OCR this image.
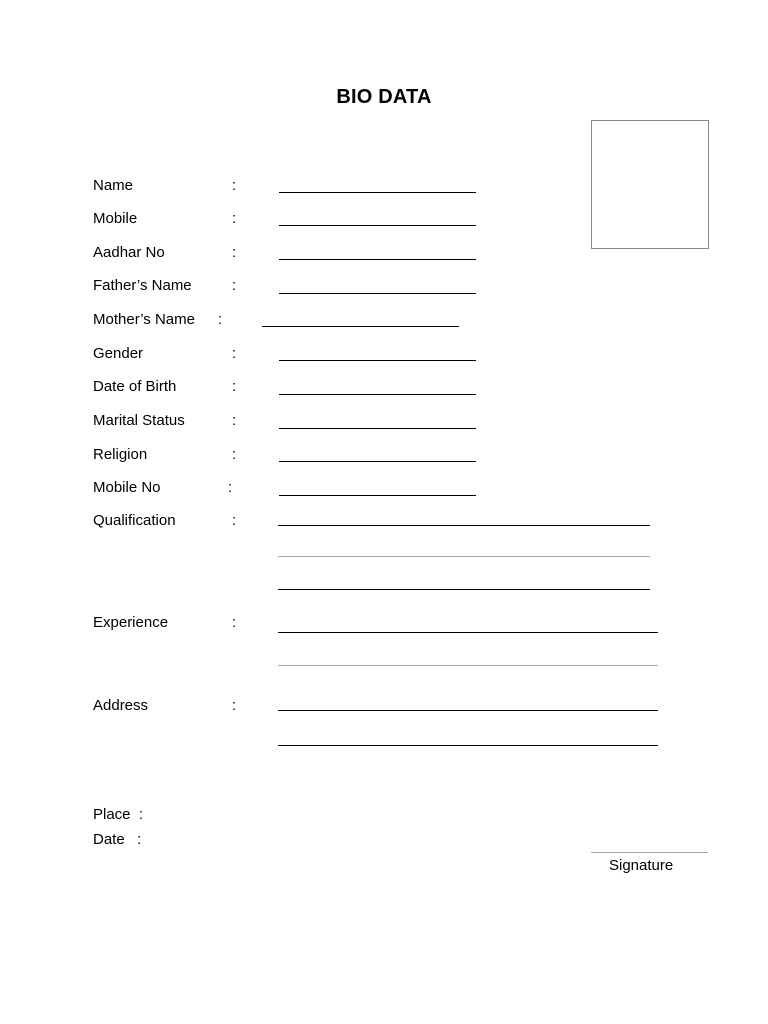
BIO DATA
Name	:
Mobile	:
Aadhar No	:
Father’s Name	:
Mother’s Name :
Gender	:
Date of Birth	:
Marital Status	:
Religion	:
Mobile No	:
Qualification	:
Experience	:
Address	:
Place  :
Date   :
Signature
